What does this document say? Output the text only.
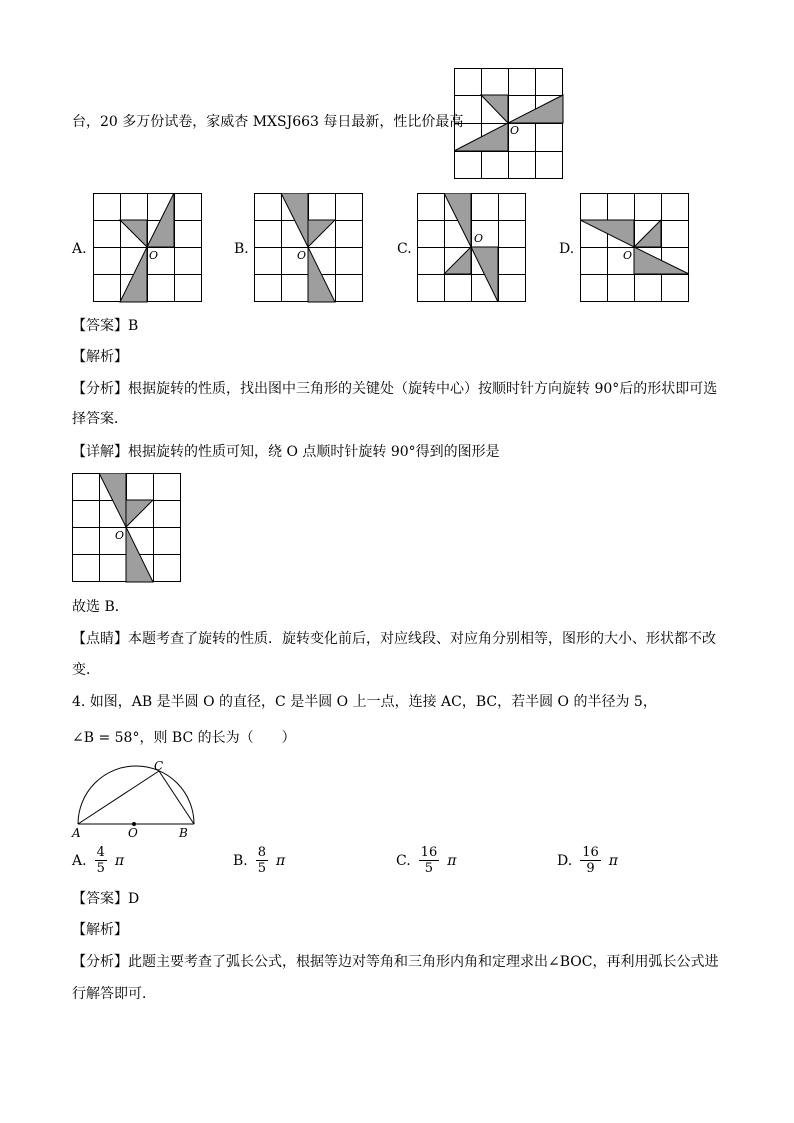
台，20 多万份试卷，家威杏 MXSJ663 每日最新，性比价最高
O
A.	O	B.	O	C.
O
D.	O
【答案】B
【解析】
【分析】根据旋转的性质，找出图中三角形的关键处（旋转中心）按顺时针方向旋转 90°后的形状即可选
择答案．
【详解】根据旋转的性质可知，绕 O 点顺时针旋转 90°得到的图形是
O
故选 B．
【点睛】本题考查了旋转的性质．旋转变化前后，对应线段、对应角分别相等，图形的大小、形状都不改
变．
4. 如图，AB 是半圆 O 的直径，C 是半圆 O 上一点，连接 AC，BC，若半圆 O 的半径为 5，
∠B = 58°，则 BC 的长为（　　）
C
A	O	B
A. $\frac{4}{5}$ π	B. $\frac{8}{5}$ π	C. $\frac{16}{5}$ π	D. $\frac{16}{9}$ π
【答案】D
【解析】
【分析】此题主要考查了弧长公式，根据等边对等角和三角形内角和定理求出∠BOC，再利用弧长公式进
行解答即可．
